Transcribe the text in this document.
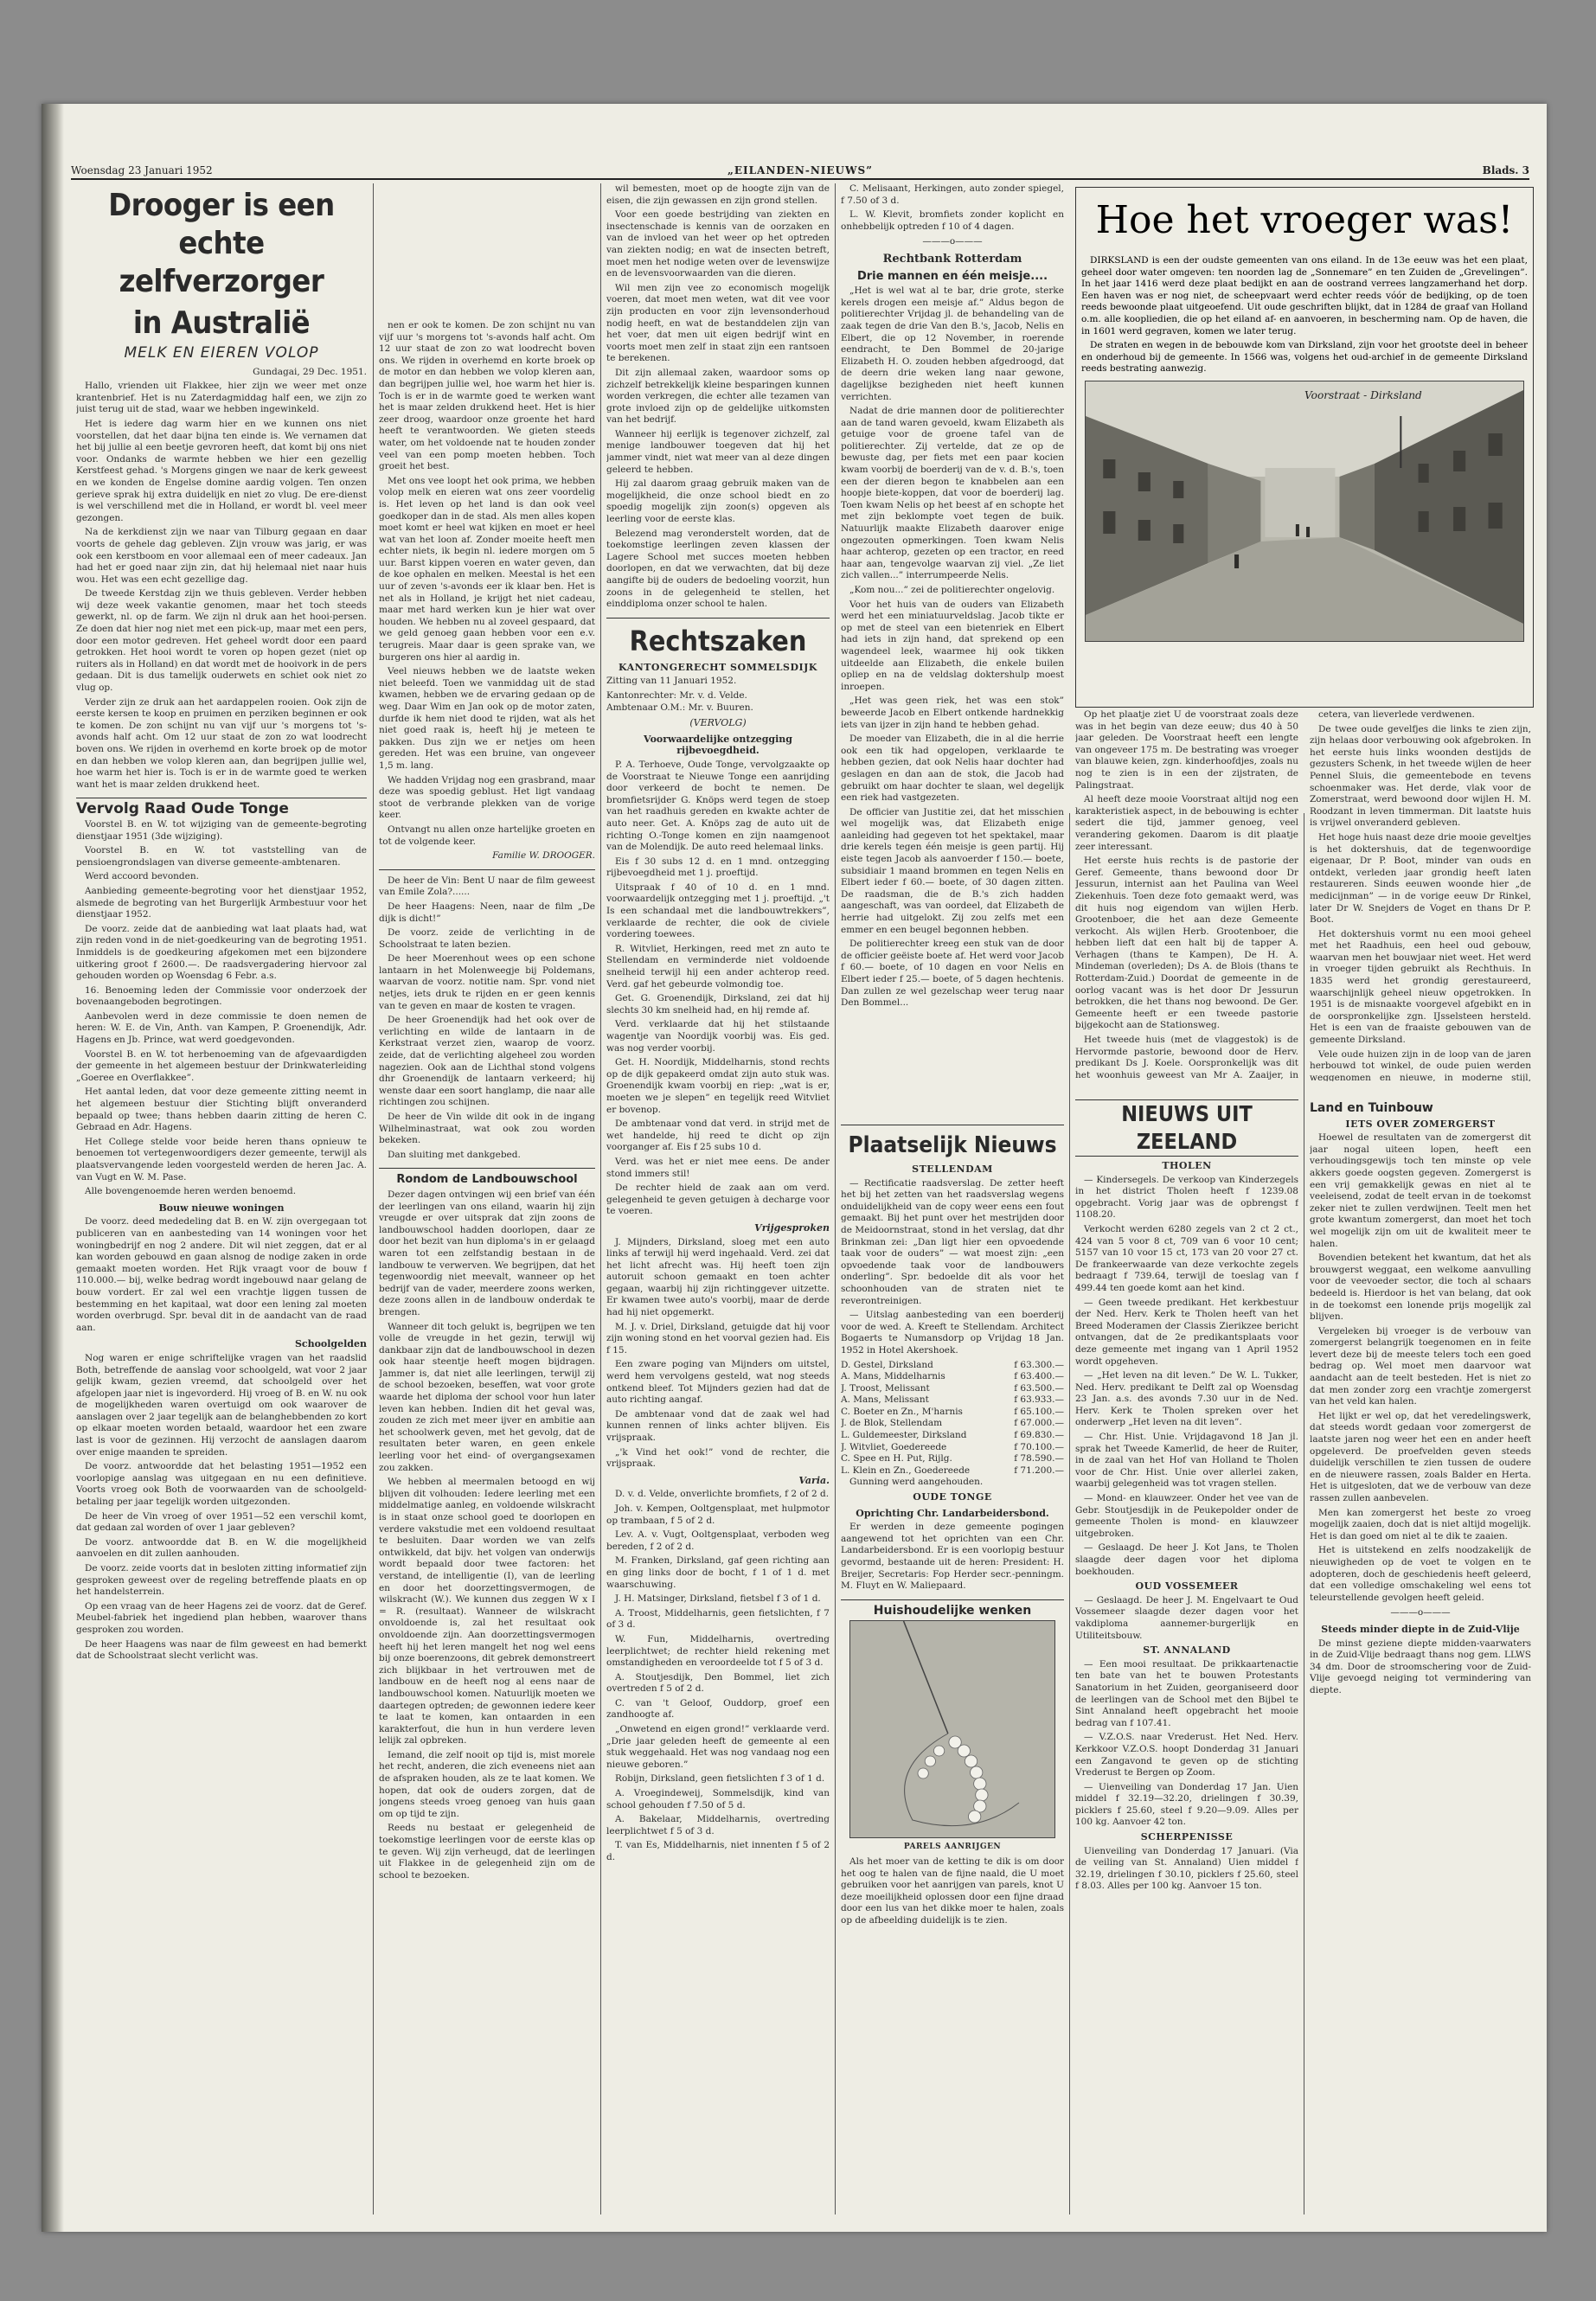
Woensdag 23 Januari 1952	„EILANDEN-NIEUWS”	Blads. 3
Drooger is een echte zelfverzorger
in Australië
MELK EN EIEREN VOLOP

Gundagai, 29 Dec. 1951.

Hallo, vrienden uit Flakkee, hier zijn we weer met onze krantenbrief. Het is nu Zaterdagmiddag half een, we zijn zo juist terug uit de stad, waar we hebben ingewinkeld.

Het is iedere dag warm hier en we kunnen ons niet voorstellen, dat het daar bijna ten einde is. We vernamen dat het bij jullie al een beetje gevroren heeft, dat komt bij ons niet voor. Ondanks de warmte hebben we hier een gezellig Kerstfeest gehad. 's Morgens gingen we naar de kerk geweest en we konden de Engelse domine aardig volgen. Ten onzen gerieve sprak hij extra duidelijk en niet zo vlug. De ere-dienst is wel verschillend met die in Holland, er wordt bl. veel meer gezongen.

Na de kerkdienst zijn we naar van Tilburg gegaan en daar voorts de gehele dag gebleven. Zijn vrouw was jarig, er was ook een kerstboom en voor allemaal een of meer cadeaux. Jan had het er goed naar zijn zin, dat hij helemaal niet naar huis wou. Het was een echt gezellige dag.

De tweede Kerstdag zijn we thuis gebleven. Verder hebben wij deze week vakantie genomen, maar het toch steeds gewerkt, nl. op de farm. We zijn nl druk aan het hooi-persen. Ze doen dat hier nog niet met een pick-up, maar met een pers, door een motor gedreven. Het geheel wordt door een paard getrokken. Het hooi wordt te voren op hopen gezet (niet op ruiters als in Holland) en dat wordt met de hooivork in de pers gedaan. Dit is dus tamelijk ouderwets en schiet ook niet zo vlug op.

Verder zijn ze druk aan het aardappelen rooien. Ook zijn de eerste kersen te koop en pruimen en perziken beginnen er ook te komen. De zon schijnt nu van vijf uur 's morgens tot 's-avonds half acht. Om 12 uur staat de zon zo wat loodrecht boven ons. We rijden in overhemd en korte broek op de motor en dan hebben we volop kleren aan, dan begrijpen jullie wel, hoe warm het hier is. Toch is er in de warmte goed te werken want het is maar zelden drukkend heet.

Vervolg Raad Oude Tonge

Voorstel B. en W. tot wijziging van de gemeente-begroting dienstjaar 1951 (3de wijziging).

Voorstel B. en W. tot vaststelling van de pensioengrondslagen van diverse gemeente-ambtenaren.

Werd accoord bevonden.

Aanbieding gemeente-begroting voor het dienstjaar 1952, alsmede de begroting van het Burgerlijk Armbestuur voor het dienstjaar 1952.

De voorz. zeide dat de aanbieding wat laat plaats had, wat zijn reden vond in de niet-goedkeuring van de begroting 1951. Inmiddels is de goedkeuring afgekomen met een bijzondere uitkering groot f 2600.—. De raadsvergadering hiervoor zal gehouden worden op Woensdag 6 Febr. a.s.

16. Benoeming leden der Commissie voor onderzoek der bovenaangeboden begrotingen.

Aanbevolen werd in deze commissie te doen nemen de heren: W. E. de Vin, Anth. van Kampen, P. Groenendijk, Adr. Hagens en Jb. Prince, wat werd goedgevonden.

Voorstel B. en W. tot herbenoeming van de afgevaardigden der gemeente in het algemeen bestuur der Drinkwaterleiding „Goeree en Overflakkee”.

Het aantal leden, dat voor deze gemeente zitting neemt in het algemeen bestuur dier Stichting blijft onveranderd bepaald op twee; thans hebben daarin zitting de heren C. Gebraad en Adr. Hagens.

Het College stelde voor beide heren thans opnieuw te benoemen tot vertegenwoordigers dezer gemeente, terwijl als plaatsvervangende leden voorgesteld werden de heren Jac. A. van Vugt en W. M. Pase.

Alle bovengenoemde heren werden benoemd.

Bouw nieuwe woningen

De voorz. deed mededeling dat B. en W. zijn overgegaan tot publiceren van en aanbesteding van 14 woningen voor het woningbedrijf en nog 2 andere. Dit wil niet zeggen, dat er al kan worden gebouwd en gaan alsnog de nodige zaken in orde gemaakt moeten worden. Het Rijk vraagt voor de bouw f 110.000.— bij, welke bedrag wordt ingebouwd naar gelang de bouw vordert. Er zal wel een vrachtje liggen tussen de bestemming en het kapitaal, wat door een lening zal moeten worden overbrugd. Spr. beval dit in de aandacht van de raad aan.

Schoolgelden

Nog waren er enige schriftelijke vragen van het raadslid Both, betreffende de aanslag voor schoolgeld, wat voor 2 jaar gelijk kwam, gezien vreemd, dat schoolgeld over het afgelopen jaar niet is ingevorderd. Hij vroeg of B. en W. nu ook de mogelijkheden waren overtuigd om ook waarover de aanslagen over 2 jaar tegelijk aan de belanghebbenden zo kort op elkaar moeten worden betaald, waardoor het een zware last is voor de gezinnen. Hij verzocht de aanslagen daarom over enige maanden te spreiden.

De voorz. antwoordde dat het belasting 1951—1952 een voorlopige aanslag was uitgegaan en nu een definitieve. Voorts vroeg ook Both de voorwaarden van de schoolgeld-betaling per jaar tegelijk worden uitgezonden.

De heer de Vin vroeg of over 1951—52 een verschil komt, dat gedaan zal worden of over 1 jaar gebleven?

De voorz. antwoordde dat B. en W. die mogelijkheid aanvoelen en dit zullen aanhouden.

De voorz. zeide voorts dat in besloten zitting informatief zijn gesproken geweest over de regeling betreffende plaats en op het handelsterrein.

Op een vraag van de heer Hagens zei de voorz. dat de Geref. Meubel-fabriek het ingediend plan hebben, waarover thans gesproken zou worden.

De heer Haagens was naar de film geweest en had bemerkt dat de Schoolstraat slecht verlicht was.

nen er ook te komen. De zon schijnt nu van vijf uur 's morgens tot 's-avonds half acht. Om 12 uur staat de zon zo wat loodrecht boven ons. We rijden in overhemd en korte broek op de motor en dan hebben we volop kleren aan, dan begrijpen jullie wel, hoe warm het hier is. Toch is er in de warmte goed te werken want het is maar zelden drukkend heet. Het is hier zeer droog, waardoor onze groente het hard heeft te verantwoorden. We gieten steeds water, om het voldoende nat te houden zonder veel van een pomp moeten hebben. Toch groeit het best.

Met ons vee loopt het ook prima, we hebben volop melk en eieren wat ons zeer voordelig is. Het leven op het land is dan ook veel goedkoper dan in de stad. Als men alles kopen moet komt er heel wat kijken en moet er heel wat van het loon af. Zonder moeite heeft men echter niets, ik begin nl. iedere morgen om 5 uur. Barst kippen voeren en water geven, dan de koe ophalen en melken. Meestal is het een uur of zeven 's-avonds eer ik klaar ben. Het is net als in Holland, je krijgt het niet cadeau, maar met hard werken kun je hier wat over houden. We hebben nu al zoveel gespaard, dat we geld genoeg gaan hebben voor een e.v. terugreis. Maar daar is geen sprake van, we burgeren ons hier al aardig in.

Veel nieuws hebben we de laatste weken niet beleefd. Toen we vanmiddag uit de stad kwamen, hebben we de ervaring gedaan op de weg. Daar Wim en Jan ook op de motor zaten, durfde ik hem niet dood te rijden, wat als het niet goed raak is, heeft hij je meteen te pakken. Dus zijn we er netjes om heen gereden. Het was een bruine, van ongeveer 1,5 m. lang.

We hadden Vrijdag nog een grasbrand, maar deze was spoedig geblust. Het ligt vandaag stoot de verbrande plekken van de vorige keer.

Ontvangt nu allen onze hartelijke groeten en tot de volgende keer.

Familie W. DROOGER.

De heer de Vin: Bent U naar de film geweest van Emile Zola?......

De heer Haagens: Neen, naar de film „De dijk is dicht!”

De voorz. zeide de verlichting in de Schoolstraat te laten bezien.

De heer Moerenhout wees op een schone lantaarn in het Molenweegje bij Poldemans, waarvan de voorz. notitie nam. Spr. vond niet netjes, iets druk te rijden en er geen kennis van te geven en maar de kosten te vragen.

De heer Groenendijk had het ook over de verlichting en wilde de lantaarn in de Kerkstraat verzet zien, waarop de voorz. zeide, dat de verlichting algeheel zou worden nagezien. Ook aan de Lichthal stond volgens dhr Groenendijk de lantaarn verkeerd; hij wenste daar een soort hanglamp, die naar alle richtingen zou schijnen.

De heer de Vin wilde dit ook in de ingang Wilhelminastraat, wat ook zou worden bekeken.

Dan sluiting met dankgebed.

Rondom de Landbouwschool

Dezer dagen ontvingen wij een brief van één der leerlingen van ons eiland, waarin hij zijn vreugde er over uitsprak dat zijn zoons de landbouwschool hadden doorlopen, daar ze door het bezit van hun diploma's in er gelaagd waren tot een zelfstandig bestaan in de landbouw te verwerven. We begrijpen, dat het tegenwoordig niet meevalt, wanneer op het bedrijf van de vader, meerdere zoons werken, deze zoons allen in de landbouw onderdak te brengen.

Wanneer dit toch gelukt is, begrijpen we ten volle de vreugde in het gezin, terwijl wij dankbaar zijn dat de landbouwschool in dezen ook haar steentje heeft mogen bijdragen. Jammer is, dat niet alle leerlingen, terwijl zij de school bezoeken, beseffen, wat voor grote waarde het diploma der school voor hun later leven kan hebben. Indien dit het geval was, zouden ze zich met meer ijver en ambitie aan het schoolwerk geven, met het gevolg, dat de resultaten beter waren, en geen enkele leerling voor het eind- of overgangsexamen zou zakken.

We hebben al meermalen betoogd en wij blijven dit volhouden: Iedere leerling met een middelmatige aanleg, en voldoende wilskracht is in staat onze school goed te doorlopen en verdere vakstudie met een voldoend resultaat te besluiten. Daar worden we van zelfs ontwikkeld, dat bijv. het volgen van onderwijs wordt bepaald door twee factoren: het verstand, de intelligentie (I), van de leerling en door het doorzettingsvermogen, de wilskracht (W.). We kunnen dus zeggen W x I = R. (resultaat). Wanneer de wilskracht onvoldoende is, zal het resultaat ook onvoldoende zijn. Aan doorzettingsvermogen heeft hij het leren mangelt het nog wel eens bij onze boerenzoons, dit gebrek demonstreert zich blijkbaar in het vertrouwen met de landbouw en de heeft nog al eens naar de landbouwschool komen. Natuurlijk moeten we daartegen optreden; de gewonnen iedere keer te laat te komen, kan ontaarden in een karakterfout, die hun in hun verdere leven lelijk zal opbreken.

Iemand, die zelf nooit op tijd is, mist morele het recht, anderen, die zich eveneens niet aan de afspraken houden, als ze te laat komen. We hopen, dat ook de ouders zorgen, dat de jongens steeds vroeg genoeg van huis gaan om op tijd te zijn.

Reeds nu bestaat er gelegenheid de toekomstige leerlingen voor de eerste klas op te geven. Wij zijn verheugd, dat de leerlingen uit Flakkee in de gelegenheid zijn om de school te bezoeken.

wil bemesten, moet op de hoogte zijn van de eisen, die zijn gewassen en zijn grond stellen.

Voor een goede bestrijding van ziekten en insectenschade is kennis van de oorzaken en van de invloed van het weer op het optreden van ziekten nodig; en wat de insecten betreft, moet men het nodige weten over de levenswijze en de levensvoorwaarden van die dieren.

Wil men zijn vee zo economisch mogelijk voeren, dat moet men weten, wat dit vee voor zijn producten en voor zijn levensonderhoud nodig heeft, en wat de bestanddelen zijn van het voer, dat men uit eigen bedrijf wint en voorts moet men zelf in staat zijn een rantsoen te berekenen.

Dit zijn allemaal zaken, waardoor soms op zichzelf betrekkelijk kleine besparingen kunnen worden verkregen, die echter alle tezamen van grote invloed zijn op de geldelijke uitkomsten van het bedrijf.

Wanneer hij eerlijk is tegenover zichzelf, zal menige landbouwer toegeven dat hij het jammer vindt, niet wat meer van al deze dingen geleerd te hebben.

Hij zal daarom graag gebruik maken van de mogelijkheid, die onze school biedt en zo spoedig mogelijk zijn zoon(s) opgeven als leerling voor de eerste klas.

Belezend mag veronderstelt worden, dat de toekomstige leerlingen zeven klassen der Lagere School met succes moeten hebben doorlopen, en dat we verwachten, dat bij deze aangifte bij de ouders de bedoeling voorzit, hun zoons in de gelegenheid te stellen, het einddiploma onzer school te halen.

Rechtszaken
KANTONGERECHT SOMMELSDIJK

Zitting van 11 Januari 1952.

Kantonrechter: Mr. v. d. Velde.

Ambtenaar O.M.: Mr. v. Buuren.

(VERVOLG)
Voorwaardelijke ontzegging rijbevoegdheid.

P. A. Terhoeve, Oude Tonge, vervolgzaakte op de Voorstraat te Nieuwe Tonge een aanrijding door verkeerd de bocht te nemen. De bromfietsrijder G. Knöps werd tegen de stoep van het raadhuis gereden en kwakte achter de auto neer. Get. A. Knöps zag de auto uit de richting O.-Tonge komen en zijn naamgenoot van de Molendijk. De auto reed helemaal links.

Eis f 30 subs 12 d. en 1 mnd. ontzegging rijbevoegdheid met 1 j. proeftijd.

Uitspraak f 40 of 10 d. en 1 mnd. voorwaardelijk ontzegging met 1 j. proeftijd. „'t Is een schandaal met die landbouwtrekkers”, verklaarde de rechter, die ook de civiele vordering toewees.

R. Witvliet, Herkingen, reed met zn auto te Stellendam en verminderde niet voldoende snelheid terwijl hij een ander achterop reed. Verd. gaf het gebeurde volmondig toe.

Get. G. Groenendijk, Dirksland, zei dat hij slechts 30 km snelheid had, en hij remde af.

Verd. verklaarde dat hij het stilstaande wagentje van Noordijk voorbij was. Eis ged. was nog verder voorbij.

Get. H. Noordijk, Middelharnis, stond rechts op de dijk gepakeerd omdat zijn auto stuk was. Groenendijk kwam voorbij en riep: „wat is er, moeten we je slepen” en tegelijk reed Witvliet er bovenop.

De ambtenaar vond dat verd. in strijd met de wet handelde, hij reed te dicht op zijn voorganger af. Eis f 25 subs 10 d.

Verd. was het er niet mee eens. De ander stond immers stil!

De rechter hield de zaak aan om verd. gelegenheid te geven getuigen à decharge voor te voeren.

Vrijgesproken

J. Mijnders, Dirksland, sloeg met een auto links af terwijl hij werd ingehaald. Verd. zei dat het licht afrecht was. Hij heeft toen zijn autoruit schoon gemaakt en toen achter gegaan, waarbij hij zijn richtinggever uitzette. Er kwamen twee auto's voorbij, maar de derde had hij niet opgemerkt.

M. J. v. Driel, Dirksland, getuigde dat hij voor zijn woning stond en het voorval gezien had. Eis f 15.

Een zware poging van Mijnders om uitstel, werd hem vervolgens gesteld, wat nog steeds ontkend bleef. Tot Mijnders gezien had dat de auto richting aangaf.

De ambtenaar vond dat de zaak wel had kunnen rennen of links achter blijven. Eis vrijspraak.

„'k Vind het ook!” vond de rechter, die vrijspraak.

Varia.

D. v. d. Velde, onverlichte bromfiets, f 2 of 2 d.

Joh. v. Kempen, Ooltgensplaat, met hulpmotor op trambaan, f 5 of 2 d.

Lev. A. v. Vugt, Ooltgensplaat, verboden weg bereden, f 2 of 2 d.

M. Franken, Dirksland, gaf geen richting aan en ging links door de bocht, f 1 of 1 d. met waarschuwing.

J. H. Matsinger, Dirksland, fietsbel f 3 of 1 d.

A. Troost, Middelharnis, geen fietslichten, f 7 of 3 d.

W. Fun, Middelharnis, overtreding leerplichtwet; de rechter hield rekening met omstandigheden en veroordeelde tot f 5 of 3 d.

A. Stoutjesdijk, Den Bommel, liet zich overtreden f 5 of 2 d.

C. van 't Geloof, Ouddorp, groef een zandhoogte af.

„Onwetend en eigen grond!” verklaarde verd. „Drie jaar geleden heeft de gemeente al een stuk weggehaald. Het was nog vandaag nog een nieuwe geboren.”

Robijn, Dirksland, geen fietslichten f 3 of 1 d.

A. Vroegindeweij, Sommelsdijk, kind van school gehouden f 7.50 of 5 d.

A. Bakelaar, Middelharnis, overtreding leerplichtwet f 5 of 3 d.

T. van Es, Middelharnis, niet innenten f 5 of 2 d.

C. Melisaant, Herkingen, auto zonder spiegel, f 7.50 of 3 d.

L. W. Klevit, bromfiets zonder koplicht en onhebbelijk optreden f 10 of 4 dagen.

———o———
Rechtbank Rotterdam
Drie mannen en één meisje....

„Het is wel wat al te bar, drie grote, sterke kerels drogen een meisje af.” Aldus begon de politierechter Vrijdag jl. de behandeling van de zaak tegen de drie Van den B.'s, Jacob, Nelis en Elbert, die op 12 November, in roerende eendracht, te Den Bommel de 20-jarige Elizabeth H. O. zouden hebben afgedroogd, dat de deern drie weken lang naar gewone, dagelijkse bezigheden niet heeft kunnen verrichten.

Nadat de drie mannen door de politierechter aan de tand waren gevoeld, kwam Elizabeth als getuige voor de groene tafel van de politierechter. Zij vertelde, dat ze op de bewuste dag, per fiets met een paar kocien kwam voorbij de boerderij van de v. d. B.'s, toen een der dieren begon te knabbelen aan een hoopje biete-koppen, dat voor de boerderij lag. Toen kwam Nelis op het beest af en schopte het met zijn beklompte voet tegen de buik. Natuurlijk maakte Elizabeth daarover enige ongezouten opmerkingen. Toen kwam Nelis haar achterop, gezeten op een tractor, en reed haar aan, tengevolge waarvan zij viel. „Ze liet zich vallen...” interrumpeerde Nelis.

„Kom nou...” zei de politierechter ongelovig.

Voor het huis van de ouders van Elizabeth werd het een miniatuurveldslag. Jacob tikte er op met de steel van een bietenriek en Elbert had iets in zijn hand, dat sprekend op een wagendeel leek, waarmee hij ook tikken uitdeelde aan Elizabeth, die enkele builen opliep en na de veldslag doktershulp moest inroepen.

„Het was geen riek, het was een stok” beweerde Jacob en Elbert ontkende hardnekkig iets van ijzer in zijn hand te hebben gehad.

De moeder van Elizabeth, die in al die herrie ook een tik had opgelopen, verklaarde te hebben gezien, dat ook Nelis haar dochter had geslagen en dan aan de stok, die Jacob had gebruikt om haar dochter te slaan, wel degelijk een riek had vastgezeten.

De officier van Justitie zei, dat het misschien wel mogelijk was, dat Elizabeth enige aanleiding had gegeven tot het spektakel, maar drie kerels tegen één meisje is geen partij. Hij eiste tegen Jacob als aanvoerder f 150.— boete, subsidiair 1 maand brommen en tegen Nelis en Elbert ieder f 60.— boete, of 30 dagen zitten. De raadsman, die de B.'s zich hadden aangeschaft, was van oordeel, dat Elizabeth de herrie had uitgelokt. Zij zou zelfs met een emmer en een beugel begonnen hebben.

De politierechter kreeg een stuk van de door de officier geëiste boete af. Het werd voor Jacob f 60.— boete, of 10 dagen en voor Nelis en Elbert ieder f 25.— boete, of 5 dagen hechtenis. Dan zullen ze wel gezelschap weer terug naar Den Bommel...

Hoe het vroeger was!

DIRKSLAND is een der oudste gemeenten van ons eiland. In de 13e eeuw was het een plaat, geheel door water omgeven: ten noorden lag de „Sonnemare” en ten Zuiden de „Grevelingen”. In het jaar 1416 werd deze plaat bedijkt en aan de oostrand verrees langzamerhand het dorp. Een haven was er nog niet, de scheepvaart werd echter reeds vóór de bedijking, op de toen reeds bewoonde plaat uitgeoefend. Uit oude geschriften blijkt, dat in 1284 de graaf van Holland o.m. alle koopliedien, die op het eiland af- en aanvoeren, in bescherming nam. Op de haven, die in 1601 werd gegraven, komen we later terug.

De straten en wegen in de bebouwde kom van Dirksland, zijn voor het grootste deel in beheer en onderhoud bij de gemeente. In 1566 was, volgens het oud-archief in de gemeente Dirksland reeds bestrating aanwezig.

Voorstraat - Dirksland

Op het plaatje ziet U de voorstraat zoals deze was in het begin van deze eeuw; dus 40 à 50 jaar geleden. De Voorstraat heeft een lengte van ongeveer 175 m. De bestrating was vroeger van blauwe keien, zgn. kinderhoofdjes, zoals nu nog te zien is in een der zijstraten, de Palingstraat.

Al heeft deze mooie Voorstraat altijd nog een karakteristiek aspect, in de bebouwing is echter sedert die tijd, jammer genoeg, veel verandering gekomen. Daarom is dit plaatje zeer interessant.

Het eerste huis rechts is de pastorie der Geref. Gemeente, thans bewoond door Dr Jessurun, internist aan het Paulina van Weel Ziekenhuis. Toen deze foto gemaakt werd, was dit huis nog eigendom van wijlen Herb. Grootenboer, die het aan deze Gemeente verkocht. Als wijlen Herb. Grootenboer, die hebben lieft dat een halt bij de tapper A. Verhagen (thans te Kampen), De H. A. Mindeman (overleden); Ds A. de Blois (thans te Rotterdam-Zuid.) Doordat de gemeente in de oorlog vacant was is het door Dr Jessurun betrokken, die het thans nog bewoond. De Ger. Gemeente heeft er een tweede pastorie bijgekocht aan de Stationsweg.

Het tweede huis (met de vlaggestok) is de Hervormde pastorie, bewoond door de Herv. predikant Ds J. Koele. Oorspronkelijk was dit het woonhuis geweest van Mr A. Zaaijer, in

cetera, van lieverlede verdwenen.

De twee oude gevelfjes die links te zien zijn, zijn helaas door verbouwing ook afgebroken. In het eerste huis links woonden destijds de gezusters Schenk, in het tweede wijlen de heer Pennel Sluis, die gemeentebode en tevens schoenmaker was. Het derde, vlak voor de Zomerstraat, werd bewoond door wijlen H. M. Roodzant in leven timmerman. Dit laatste huis is vrijwel onveranderd gebleven.

Het hoge huis naast deze drie mooie geveltjes is het doktershuis, dat de tegenwoordige eigenaar, Dr P. Boot, minder van ouds en ontdekt, verleden jaar grondig heeft laten restaureren. Sinds eeuwen woonde hier „de medicijnman” — in de vorige eeuw Dr Rinkel, later Dr W. Snejders de Voget en thans Dr P. Boot.

Het doktershuis vormt nu een mooi geheel met het Raadhuis, een heel oud gebouw, waarvan men het bouwjaar niet weet. Het werd in vroeger tijden gebruikt als Rechthuis. In 1835 werd het grondig gerestaureerd, waarschijnlijk geheel nieuw opgetrokken. In 1951 is de misnaakte voorgevel afgebikt en in de oorspronkelijke zgn. IJsselsteen hersteld. Het is een van de fraaiste gebouwen van de gemeente Dirksland.

Vele oude huizen zijn in de loop van de jaren herbouwd tot winkel, de oude puien werden weggenomen en nieuwe, in moderne stijl,

Plaatselijk Nieuws
STELLENDAM

— Rectificatie raadsverslag. De zetter heeft het bij het zetten van het raadsverslag wegens onduidelijkheid van de copy weer eens een fout gemaakt. Bij het punt over het mestrijden door de Meidoornstraat, stond in het verslag, dat dhr Brinkman zei: „Dan ligt hier een opvoedende taak voor de ouders” — wat moest zijn: „een opvoedende taak voor de landbouwers onderling”. Spr. bedoelde dit als voor het schoonhouden van de straten niet te reverontreinigen.

— Uitslag aanbesteding van een boerderij voor de wed. A. Kreeft te Stellendam. Architect Bogaerts te Numansdorp op Vrijdag 18 Jan. 1952 in Hotel Akershoek.

D. Gestel, Dirksland	f 63.300.—
A. Mans, Middelharnis	f 63.400.—
J. Troost, Melissant	f 63.500.—
A. Mans, Melissant	f 63.933.—
C. Boeter en Zn., M'harnis	f 65.100.—
J. de Blok, Stellendam	f 67.000.—
L. Guldemeester, Dirksland	f 69.830.—
J. Witvliet, Goedereede	f 70.100.—
C. Spee en H. Put, Rijlg.	f 78.590.—
L. Klein en Zn., Goedereede	f 71.200.—

Gunning werd aangehouden.

OUDE TONGE
Oprichting Chr. Landarbeidersbond.

Er werden in deze gemeente pogingen aangewend tot het oprichten van een Chr. Landarbeidersbond. Er is een voorlopig bestuur gevormd, bestaande uit de heren: President: H. Breijer, Secretaris: Fop Herder secr.-penningm. M. Fluyt en W. Maliepaard.

Huishoudelijke wenken
PARELS AANRIJGEN

Als het moer van de ketting te dik is om door het oog te halen van de fijne naald, die U moet gebruiken voor het aanrijgen van parels, knot U deze moeilijkheid oplossen door een fijne draad door een lus van het dikke moer te halen, zoals op de afbeelding duidelijk is te zien.

NIEUWS UIT ZEELAND
THOLEN

— Kindersegels. De verkoop van Kinderzegels in het district Tholen heeft f 1239.08 opgebracht. Vorig jaar was de opbrengst f 1108.20.

Verkocht werden 6280 zegels van 2 ct 2 ct., 424 van 5 voor 8 ct, 709 van 6 voor 10 cent; 5157 van 10 voor 15 ct, 173 van 20 voor 27 ct. De frankeerwaarde van deze verkochte zegels bedraagt f 739.64, terwijl de toeslag van f 499.44 ten goede komt aan het kind.

— Geen tweede predikant. Het kerkbestuur der Ned. Herv. Kerk te Tholen heeft van het Breed Moderamen der Classis Zierikzee bericht ontvangen, dat de 2e predikantsplaats voor deze gemeente met ingang van 1 April 1952 wordt opgeheven.

— „Het leven na dit leven.” De W. L. Tukker, Ned. Herv. predikant te Delft zal op Woensdag 23 Jan. a.s. des avonds 7.30 uur in de Ned. Herv. Kerk te Tholen spreken over het onderwerp „Het leven na dit leven”.

— Chr. Hist. Unie. Vrijdagavond 18 Jan jl. sprak het Tweede Kamerlid, de heer de Ruiter, in de zaal van het Hof van Holland te Tholen voor de Chr. Hist. Unie over allerlei zaken, waarbij gelegenheid was tot vragen stellen.

— Mond- en klauwzeer. Onder het vee van de Gebr. Stoutjesdijk in de Peukepolder onder de gemeente Tholen is mond- en klauwzeer uitgebroken.

— Geslaagd. De heer J. Kot Jans, te Tholen slaagde deer dagen voor het diploma boekhouden.

OUD VOSSEMEER

— Geslaagd. De heer J. M. Engelvaart te Oud Vossemeer slaagde dezer dagen voor het vakdiploma aannemer-burgerlijk en Utiliteitsbouw.

ST. ANNALAND

— Een mooi resultaat. De prikkaartenactie ten bate van het te bouwen Protestants Sanatorium in het Zuiden, georganiseerd door de leerlingen van de School met den Bijbel te Sint Annaland heeft opgebracht het mooie bedrag van f 107.41.

— V.Z.O.S. naar Vrederust. Het Ned. Herv. Kerkkoor V.Z.O.S. hoopt Donderdag 31 Januari een Zangavond te geven op de stichting Vrederust te Bergen op Zoom.

— Uienveiling van Donderdag 17 Jan. Uien middel f 32.19—32.20, drielingen f 30.39, picklers f 25.60, steel f 9.20—9.09. Alles per 100 kg. Aanvoer 42 ton.

SCHERPENISSE

Uienveiling van Donderdag 17 Januari. (Via de veiling van St. Annaland) Uien middel f 32.19, drielingen f 30.10, picklers f 25.60, steel f 8.03. Alles per 100 kg. Aanvoer 15 ton.

Land en Tuinbouw
IETS OVER ZOMERGERST

Hoewel de resultaten van de zomergerst dit jaar nogal uiteen lopen, heeft een verhoudingsgewijs toch ten minste op vele akkers goede oogsten gegeven. Zomergerst is een vrij gemakkelijk gewas en niet al te veeleisend, zodat de teelt ervan in de toekomst zeker niet te zullen verdwijnen. Teelt men het grote kwantum zomergerst, dan moet het toch wel mogelijk zijn om uit de kwaliteit meer te halen.

Bovendien betekent het kwantum, dat het als brouwgerst weggaat, een welkome aanvulling voor de veevoeder sector, die toch al schaars bedeeld is. Hierdoor is het van belang, dat ook in de toekomst een lonende prijs mogelijk zal blijven.

Vergeleken bij vroeger is de verbouw van zomergerst belangrijk toegenomen en in feite levert deze bij de meeste telers toch een goed bedrag op. Wel moet men daarvoor wat aandacht aan de teelt besteden. Het is niet zo dat men zonder zorg een vrachtje zomergerst van het veld kan halen.

Het lijkt er wel op, dat het veredelingswerk, dat steeds wordt gedaan voor zomergerst de laatste jaren nog weer het een en ander heeft opgeleverd. De proefvelden geven steeds duidelijk verschillen te zien tussen de oudere en de nieuwere rassen, zoals Balder en Herta. Het is uitgesloten, dat we de verbouw van deze rassen zullen aanbevelen.

Men kan zomergerst het beste zo vroeg mogelijk zaaien, doch dat is niet altijd mogelijk. Het is dan goed om niet al te dik te zaaien.

Het is uitstekend en zelfs noodzakelijk de nieuwigheden op de voet te volgen en te adopteren, doch de geschiedenis heeft geleerd, dat een volledige omschakeling wel eens tot teleurstellende gevolgen heeft geleid.

———o———
Steeds minder diepte in de Zuid-Vlije

De minst geziene diepte midden-vaarwaters in de Zuid-Vlije bedraagt thans nog gem. LLWS 34 dm. Door de stroomschering voor de Zuid-Vlije gevoegd neiging tot vermindering van diepte.
